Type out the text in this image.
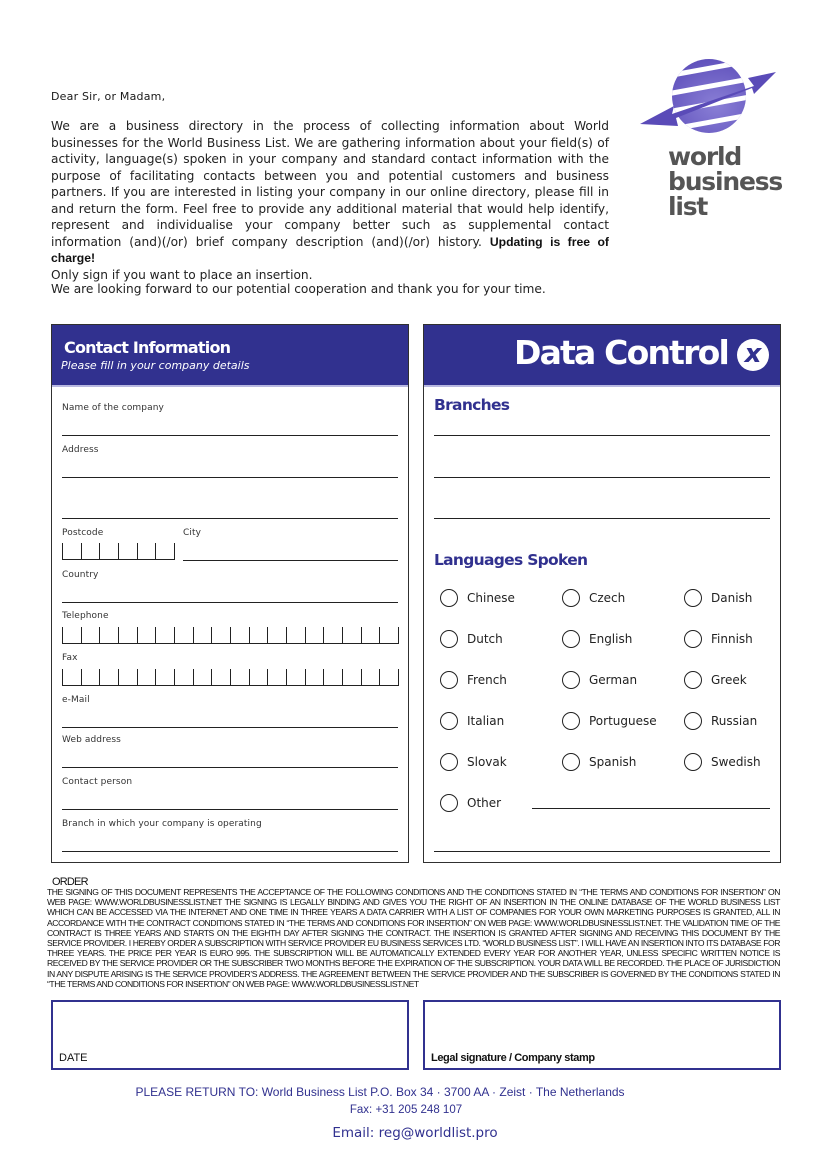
Dear Sir, or Madam,

We are a business directory in the process of collecting information about World businesses for the World Business List. We are gathering information about your field(s) of activity, language(s) spoken in your company and standard contact information with the purpose of facilitating contacts between you and potential customers and business partners. If you are interested in listing your company in our online directory, please fill in and return the form. Feel free to provide any additional material that would help identify, represent and individualise your company better such as supplemental contact information (and)(/or) brief company description (and)(/or) history. Updating is free of charge!

Only sign if you want to place an insertion.

We are looking forward to our potential cooperation and thank you for your time.
world
business
list
Contact Information
Please fill in your company details
Name of the company
Address
Postcode	City
Country
Telephone
Fax
e-Mail
Web address
Contact person
Branch in which your company is operating
Data Control x
Branches
Languages Spoken
Chinese	Czech	Danish
Dutch	English	Finnish
French	German	Greek
Italian	Portuguese	Russian
Slovak	Spanish	Swedish
Other
ORDER
THE SIGNING OF THIS DOCUMENT REPRESENTS THE ACCEPTANCE OF THE FOLLOWING CONDITIONS AND THE CONDITIONS STATED IN “THE TERMS AND CONDITIONS FOR INSERTION” ON WEB PAGE: WWW.WORLDBUSINESSLIST.NET THE SIGNING IS LEGALLY BINDING AND GIVES YOU THE RIGHT OF AN INSERTION IN THE ONLINE DATABASE OF THE WORLD BUSINESS LIST WHICH CAN BE ACCESSED VIA THE INTERNET AND ONE TIME IN THREE YEARS A DATA CARRIER WITH A LIST OF COMPANIES FOR YOUR OWN MARKETING PURPOSES IS GRANTED, ALL IN ACCORDANCE WITH THE CONTRACT CONDITIONS STATED IN “THE TERMS AND CONDITIONS FOR INSERTION” ON WEB PAGE: WWW.WORLDBUSINESSLIST.NET. THE VALIDATION TIME OF THE CONTRACT IS THREE YEARS AND STARTS ON THE EIGHTH DAY AFTER SIGNING THE CONTRACT. THE INSERTION IS GRANTED AFTER SIGNING AND RECEIVING THIS DOCUMENT BY THE SERVICE PROVIDER. I HEREBY ORDER A SUBSCRIPTION WITH SERVICE PROVIDER EU BUSINESS SERVICES LTD. “WORLD BUSINESS LIST”. I WILL HAVE AN INSERTION INTO ITS DATABASE FOR THREE YEARS. THE PRICE PER YEAR IS EURO 995. THE SUBSCRIPTION WILL BE AUTOMATICALLY EXTENDED EVERY YEAR FOR ANOTHER YEAR, UNLESS SPECIFIC WRITTEN NOTICE IS RECEIVED BY THE SERVICE PROVIDER OR THE SUBSCRIBER TWO MONTHS BEFORE THE EXPIRATION OF THE SUBSCRIPTION. YOUR DATA WILL BE RECORDED. THE PLACE OF JURISDICTION IN ANY DISPUTE ARISING IS THE SERVICE PROVIDER’S ADDRESS. THE AGREEMENT BETWEEN THE SERVICE PROVIDER AND THE SUBSCRIBER IS GOVERNED BY THE CONDITIONS STATED IN “THE TERMS AND CONDITIONS FOR INSERTION” ON WEB PAGE: WWW.WORLDBUSINESSLIST.NET
DATE	Legal signature / Company stamp
PLEASE RETURN TO: World Business List P.O. Box 34 · 3700 AA · Zeist · The Netherlands
Fax: +31 205 248 107
Email: reg@worldlist.pro
